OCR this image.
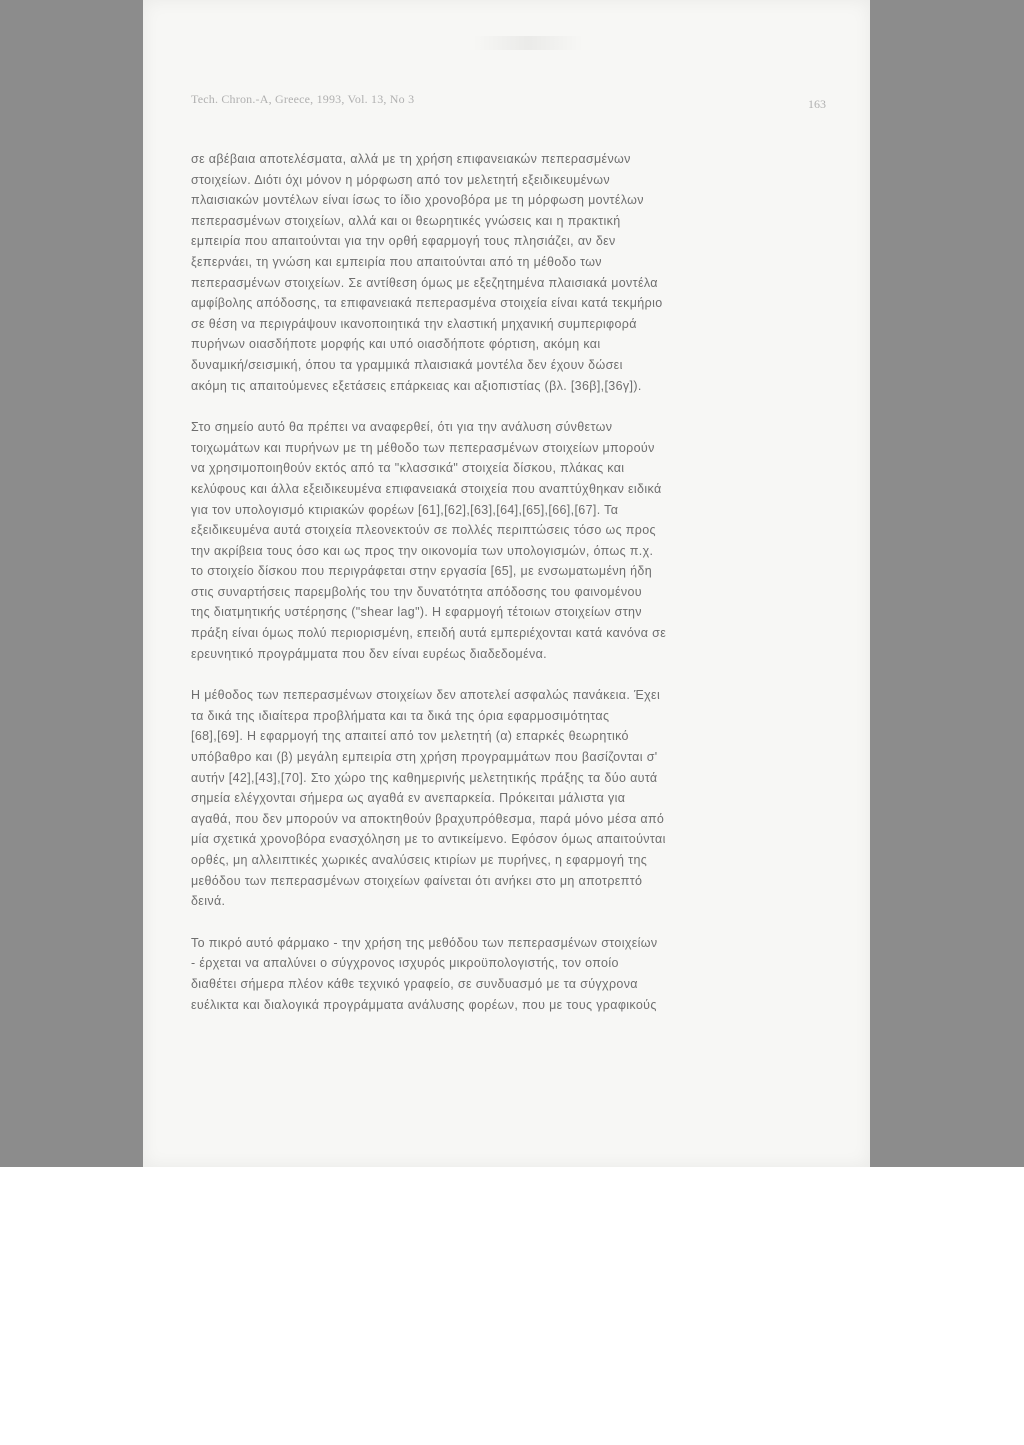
Tech. Chron.-A, Greece, 1993, Vol. 13, No 3	163
σε αβέβαια αποτελέσματα, αλλά με τη χρήση επιφανειακών πεπερασμένων
στοιχείων. Διότι όχι μόνον η μόρφωση από τον μελετητή εξειδικευμένων
πλαισιακών μοντέλων είναι ίσως το ίδιο χρονοβόρα με τη μόρφωση μοντέλων
πεπερασμένων στοιχείων, αλλά και οι θεωρητικές γνώσεις και η πρακτική
εμπειρία που απαιτούνται για την ορθή εφαρμογή τους πλησιάζει, αν δεν
ξεπερνάει, τη γνώση και εμπειρία που απαιτούνται από τη μέθοδο των
πεπερασμένων στοιχείων. Σε αντίθεση όμως με εξεζητημένα πλαισιακά μοντέλα
αμφίβολης απόδοσης, τα επιφανειακά πεπερασμένα στοιχεία είναι κατά τεκμήριο
σε θέση να περιγράψουν ικανοποιητικά την ελαστική μηχανική συμπεριφορά
πυρήνων οιασδήποτε μορφής και υπό οιασδήποτε φόρτιση, ακόμη και
δυναμική/σεισμική, όπου τα γραμμικά πλαισιακά μοντέλα δεν έχουν δώσει
ακόμη τις απαιτούμενες εξετάσεις επάρκειας και αξιοπιστίας (βλ. [36β],[36γ]).
Στο σημείο αυτό θα πρέπει να αναφερθεί, ότι για την ανάλυση σύνθετων
τοιχωμάτων και πυρήνων με τη μέθοδο των πεπερασμένων στοιχείων μπορούν
να χρησιμοποιηθούν εκτός από τα "κλασσικά" στοιχεία δίσκου, πλάκας και
κελύφους και άλλα εξειδικευμένα επιφανειακά στοιχεία που αναπτύχθηκαν ειδικά
για τον υπολογισμό κτιριακών φορέων [61],[62],[63],[64],[65],[66],[67]. Τα
εξειδικευμένα αυτά στοιχεία πλεονεκτούν σε πολλές περιπτώσεις τόσο ως προς
την ακρίβεια τους όσο και ως προς την οικονομία των υπολογισμών, όπως π.χ.
το στοιχείο δίσκου που περιγράφεται στην εργασία [65], με ενσωματωμένη ήδη
στις συναρτήσεις παρεμβολής του την δυνατότητα απόδοσης του φαινομένου
της διατμητικής υστέρησης ("shear lag"). Η εφαρμογή τέτοιων στοιχείων στην
πράξη είναι όμως πολύ περιορισμένη, επειδή αυτά εμπεριέχονται κατά κανόνα σε
ερευνητικό προγράμματα που δεν είναι ευρέως διαδεδομένα.
Η μέθοδος των πεπερασμένων στοιχείων δεν αποτελεί ασφαλώς πανάκεια. Έχει
τα δικά της ιδιαίτερα προβλήματα και τα δικά της όρια εφαρμοσιμότητας
[68],[69]. Η εφαρμογή της απαιτεί από τον μελετητή (α) επαρκές θεωρητικό
υπόβαθρο και (β) μεγάλη εμπειρία στη χρήση προγραμμάτων που βασίζονται σ'
αυτήν [42],[43],[70]. Στο χώρο της καθημερινής μελετητικής πράξης τα δύο αυτά
σημεία ελέγχονται σήμερα ως αγαθά εν ανεπαρκεία. Πρόκειται μάλιστα για
αγαθά, που δεν μπορούν να αποκτηθούν βραχυπρόθεσμα, παρά μόνο μέσα από
μία σχετικά χρονοβόρα ενασχόληση με το αντικείμενο. Εφόσον όμως απαιτούνται
ορθές, μη αλλειπτικές χωρικές αναλύσεις κτιρίων με πυρήνες, η εφαρμογή της
μεθόδου των πεπερασμένων στοιχείων φαίνεται ότι ανήκει στο μη αποτρεπτό
δεινά.
Το πικρό αυτό φάρμακο - την χρήση της μεθόδου των πεπερασμένων στοιχείων
- έρχεται να απαλύνει ο σύγχρονος ισχυρός μικροϋπολογιστής, τον οποίο
διαθέτει σήμερα πλέον κάθε τεχνικό γραφείο, σε συνδυασμό με τα σύγχρονα
ευέλικτα και διαλογικά προγράμματα ανάλυσης φορέων, που με τους γραφικούς
